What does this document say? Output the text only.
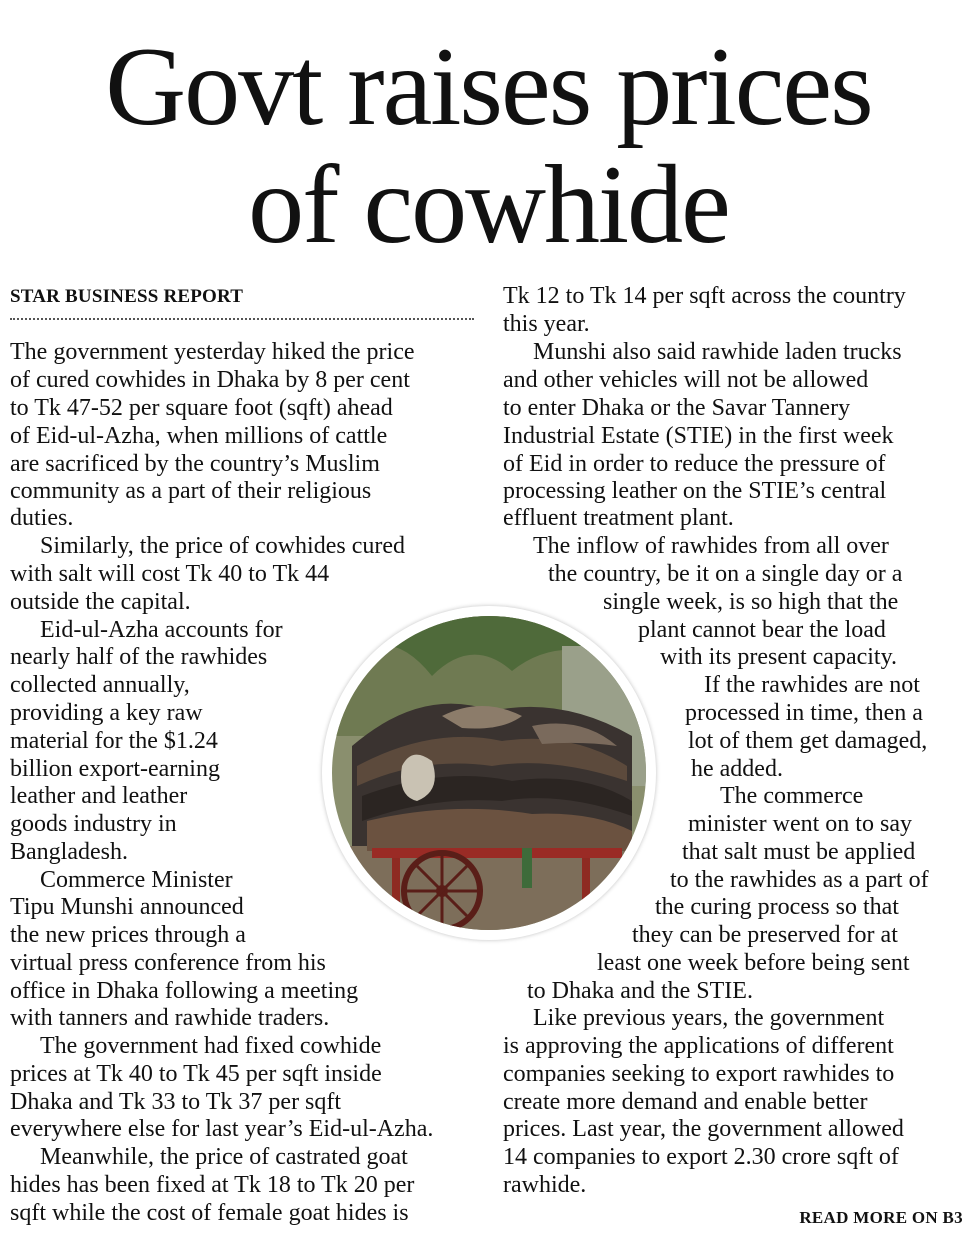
Govt raises prices
of cowhide
STAR BUSINESS REPORT
The government yesterday hiked the price
of cured cowhides in Dhaka by 8 per cent
to Tk 47-52 per square foot (sqft) ahead
of Eid-ul-Azha, when millions of cattle
are sacrificed by the country’s Muslim
community as a part of their religious
duties.
Similarly, the price of cowhides cured
with salt will cost Tk 40 to Tk 44
outside the capital.
Eid-ul-Azha accounts for
nearly half of the rawhides
collected annually,
providing a key raw
material for the $1.24
billion export-earning
leather and leather
goods industry in
Bangladesh.
Commerce Minister
Tipu Munshi announced
the new prices through a
virtual press conference from his
office in Dhaka following a meeting
with tanners and rawhide traders.
The government had fixed cowhide
prices at Tk 40 to Tk 45 per sqft inside
Dhaka and Tk 33 to Tk 37 per sqft
everywhere else for last year’s Eid-ul-Azha.
Meanwhile, the price of castrated goat
hides has been fixed at Tk 18 to Tk 20 per
sqft while the cost of female goat hides is
Tk 12 to Tk 14 per sqft across the country
this year.
Munshi also said rawhide laden trucks
and other vehicles will not be allowed
to enter Dhaka or the Savar Tannery
Industrial Estate (STIE) in the first week
of Eid in order to reduce the pressure of
processing leather on the STIE’s central
effluent treatment plant.
The inflow of rawhides from all over
the country, be it on a single day or a
single week, is so high that the
plant cannot bear the load
with its present capacity.
If the rawhides are not
processed in time, then a
lot of them get damaged,
he added.
The commerce
minister went on to say
that salt must be applied
to the rawhides as a part of
the curing process so that
they can be preserved for at
least one week before being sent
to Dhaka and the STIE.
Like previous years, the government
is approving the applications of different
companies seeking to export rawhides to
create more demand and enable better
prices. Last year, the government allowed
14 companies to export 2.30 crore sqft of
rawhide.
READ MORE ON B3
